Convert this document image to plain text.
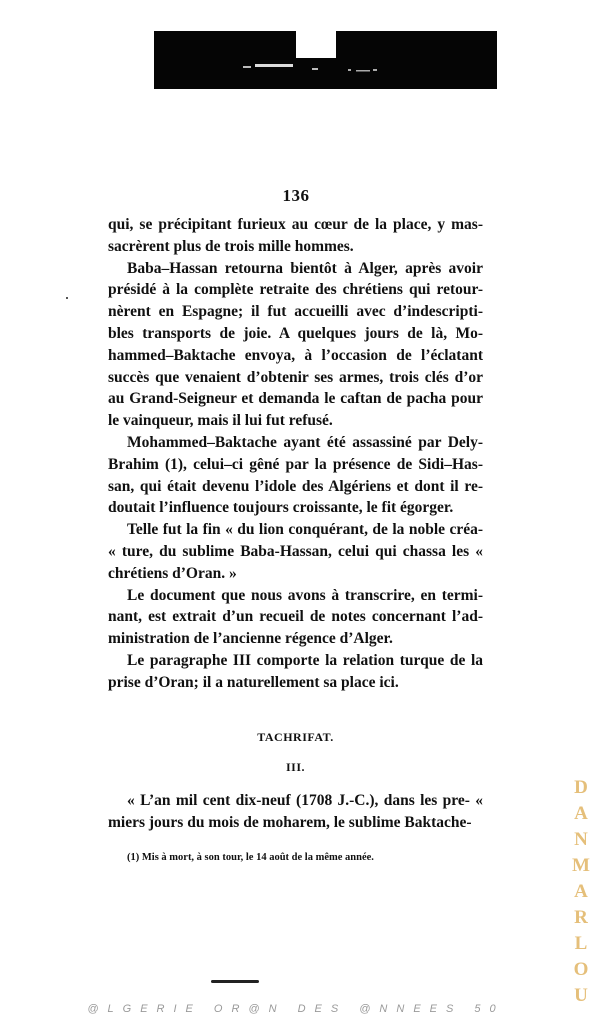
136

qui, se précipitant furieux au cœur de la place, y mas- sacrèrent plus de trois mille hommes.

Baba–Hassan retourna bientôt à Alger, après avoir présidé à la complète retraite des chrétiens qui retour- nèrent en Espagne; il fut accueilli avec d’indescripti- bles transports de joie. A quelques jours de là, Mo- hammed–Baktache envoya, à l’occasion de l’éclatant succès que venaient d’obtenir ses armes, trois clés d’or au Grand-Seigneur et demanda le caftan de pacha pour le vainqueur, mais il lui fut refusé.

Mohammed–Baktache ayant été assassiné par Dely- Brahim (1), celui–ci gêné par la présence de Sidi–Has- san, qui était devenu l’idole des Algériens et dont il re- doutait l’influence toujours croissante, le fit égorger.

Telle fut la fin « du lion conquérant, de la noble créa- « ture, du sublime Baba-Hassan, celui qui chassa les « chrétiens d’Oran. »

Le document que nous avons à transcrire, en termi- nant, est extrait d’un recueil de notes concernant l’ad- ministration de l’ancienne régence d’Alger.

Le paragraphe III comporte la relation turque de la prise d’Oran; il a naturellement sa place ici.

TACHRIFAT.
III.

« L’an mil cent dix-neuf (1708 J.-C.), dans les pre- « miers jours du mois de moharem, le sublime Baktache-

(1) Mis à mort, à son tour, le 14 août de la même année.
D
A
N
M
A
R
L
O
U
@LGERIE OR@N DES @NNEES 50
